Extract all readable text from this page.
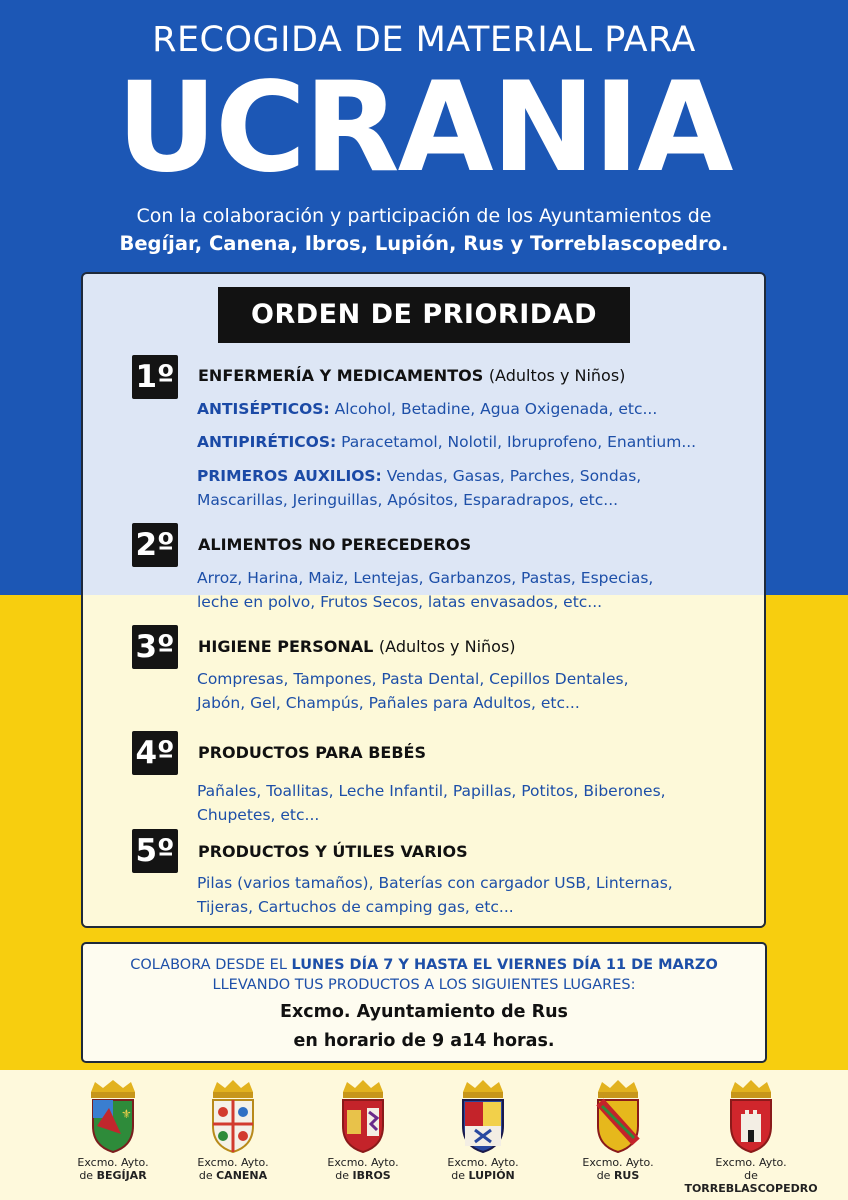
RECOGIDA DE MATERIAL PARA
UCRANIA
Con la colaboración y participación de los Ayuntamientos de
Begíjar, Canena, Ibros, Lupión, Rus y Torreblascopedro.
ORDEN DE PRIORIDAD
1º ENFERMERÍA Y MEDICAMENTOS (Adultos y Niños)
ANTISÉPTICOS: Alcohol, Betadine, Agua Oxigenada, etc...
ANTIPIRÉTICOS: Paracetamol, Nolotil, Ibruprofeno, Enantium...
PRIMEROS AUXILIOS: Vendas, Gasas, Parches, Sondas,
Mascarillas, Jeringuillas, Apósitos, Esparadrapos, etc...
2º ALIMENTOS NO PERECEDEROS
Arroz, Harina, Maiz, Lentejas, Garbanzos, Pastas, Especias,
leche en polvo, Frutos Secos, latas envasados, etc...
3º HIGIENE PERSONAL (Adultos y Niños)
Compresas, Tampones, Pasta Dental, Cepillos Dentales,
Jabón, Gel, Champús, Pañales para Adultos, etc...
4º PRODUCTOS PARA BEBÉS
Pañales, Toallitas, Leche Infantil, Papillas, Potitos, Biberones,
Chupetes, etc...
5º PRODUCTOS Y ÚTILES VARIOS
Pilas (varios tamaños), Baterías con cargador USB, Linternas,
Tijeras, Cartuchos de camping gas, etc...
COLABORA DESDE EL LUNES DÍA 7 Y HASTA EL VIERNES DÍA 11 DE MARZO
LLEVANDO TUS PRODUCTOS A LOS SIGUIENTES LUGARES:
Excmo. Ayuntamiento de Rus
en horario de 9 a14 horas.
⚜
Excmo. Ayto.
de BEGÍJAR
Excmo. Ayto.
de CANENA
Excmo. Ayto.
de IBROS
Excmo. Ayto.
de LUPIÓN
Excmo. Ayto.
de RUS
Excmo. Ayto.
de TORREBLASCOPEDRO
